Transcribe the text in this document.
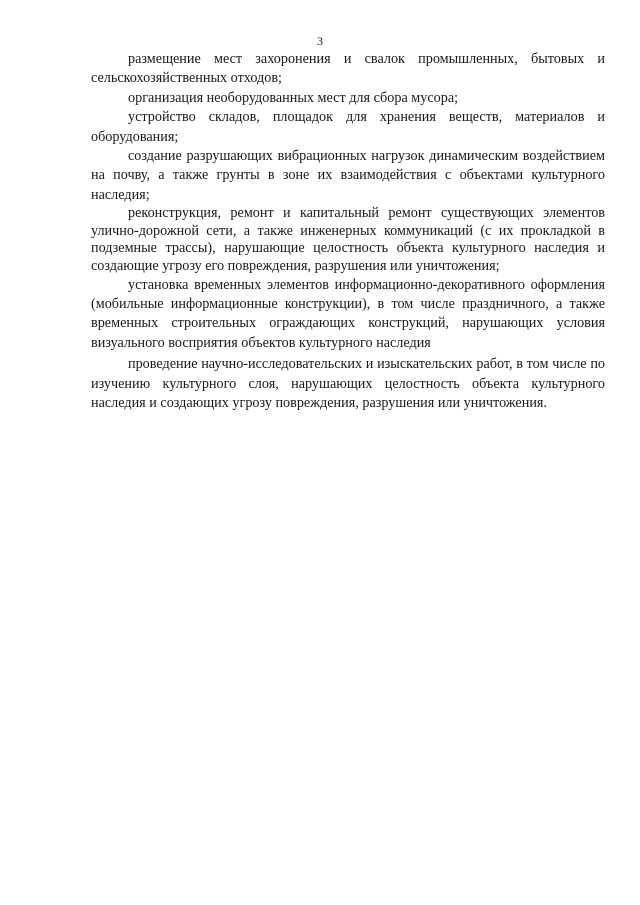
3

размещение мест захоронения и свалок промышленных, бытовых и сельскохозяйственных отходов;

организация необорудованных мест для сбора мусора;

устройство складов, площадок для хранения веществ, материалов и оборудования;

создание разрушающих вибрационных нагрузок динамическим воздействием на почву, а также грунты в зоне их взаимодействия с объектами культурного наследия;

реконструкция, ремонт и капитальный ремонт существующих элементов улично-дорожной сети, а также инженерных коммуникаций (с их прокладкой в подземные трассы), нарушающие целостность объекта культурного наследия и создающие угрозу его повреждения, разрушения или уничтожения;

установка временных элементов информационно-декоративного оформления (мобильные информационные конструкции), в том числе праздничного, а также временных строительных ограждающих конструкций, нарушающих условия визуального восприятия объектов культурного наследия

проведение научно-исследовательских и изыскательских работ, в том числе по изучению культурного слоя, нарушающих целостность объекта культурного наследия и создающих угрозу повреждения, разрушения или уничтожения.
